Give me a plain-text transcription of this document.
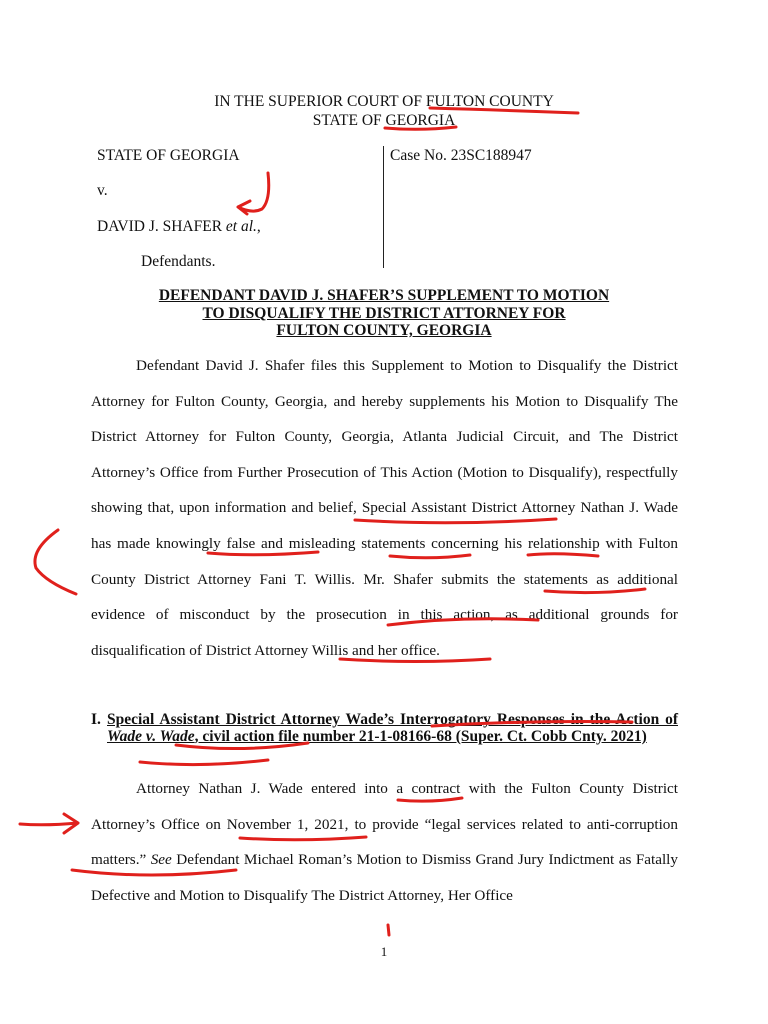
IN THE SUPERIOR COURT OF FULTON COUNTY
STATE OF GEORGIA
STATE OF GEORGIA
v.
DAVID J. SHAFER et al.,
Defendants.
Case No. 23SC188947
DEFENDANT DAVID J. SHAFER’S SUPPLEMENT TO MOTION
TO DISQUALIFY THE DISTRICT ATTORNEY FOR
FULTON COUNTY, GEORGIA

Defendant David J. Shafer files this Supplement to Motion to Disqualify the District Attorney for Fulton County, Georgia, and hereby supplements his Motion to Disqualify The District Attorney for Fulton County, Georgia, Atlanta Judicial Circuit, and The District Attorney’s Office from Further Prosecution of This Action (Motion to Disqualify), respectfully showing that, upon information and belief, Special Assistant District Attorney Nathan J. Wade has made knowingly false and misleading statements concerning his relationship with Fulton County District Attorney Fani T. Willis. Mr. Shafer submits the statements as additional evidence of misconduct by the prosecution in this action, as additional grounds for disqualification of District Attorney Willis and her office.

I. Special Assistant District Attorney Wade’s Interrogatory Responses in the Action of Wade v. Wade, civil action file number 21-1-08166-68 (Super. Ct. Cobb Cnty. 2021)

Attorney Nathan J. Wade entered into a contract with the Fulton County District Attorney’s Office on November 1, 2021, to provide “legal services related to anti-corruption matters.” See Defendant Michael Roman’s Motion to Dismiss Grand Jury Indictment as Fatally Defective and Motion to Disqualify The District Attorney, Her Office

1
